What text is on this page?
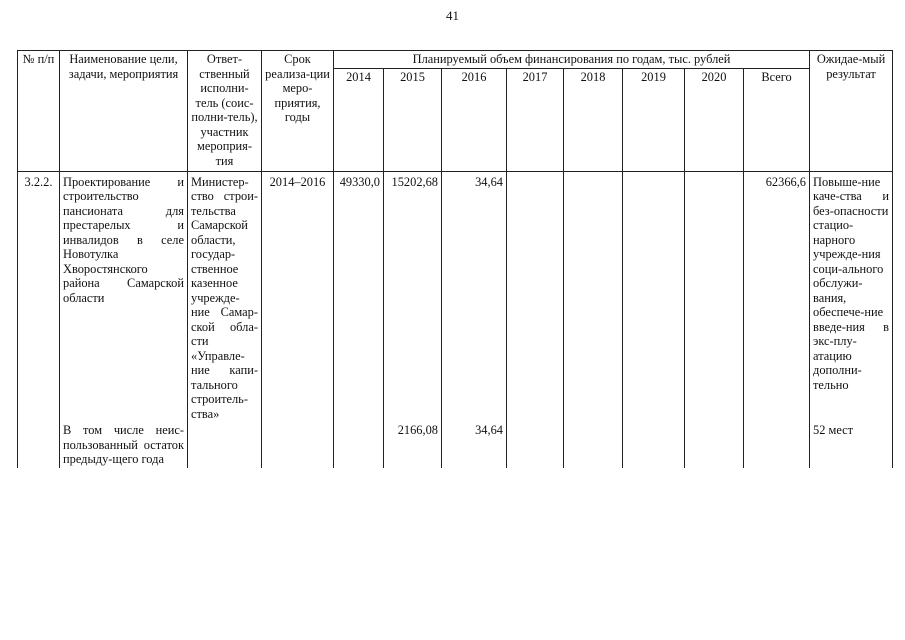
41
№ п/п	Наименование цели, задачи, мероприятия	Ответ-ственный исполни-тель (соис-полни-тель), участник мероприя-тия	Срок реализа-ции меро-приятия, годы	Планируемый объем финансирования по годам, тыс. рублей								Ожидае-мый результат
				2014	2015	2016	2017	2018	2019	2020	Всего	
3.2.2.	Проектирование и строительство пансионата для престарелых и инвалидов в селе Новотулка Хворостянского района Самарской области	Министер-ство строи-тельства Самарской области, государ-ственное казенное учрежде-ние Самар-ской обла-сти «Управле-ние капи-тального строитель-ства»	2014–2016	49330,0	15202,68	34,64					62366,6	Повыше-ние каче-ства и без-опасности стацио-нарного учрежде-ния соци-ального обслужи-вания, обеспече-ние введе-ния в экс-плу-атацию дополни-тельно
	В том числе неис-пользованный остаток предыду-щего года				2166,08	34,64						52 мест
